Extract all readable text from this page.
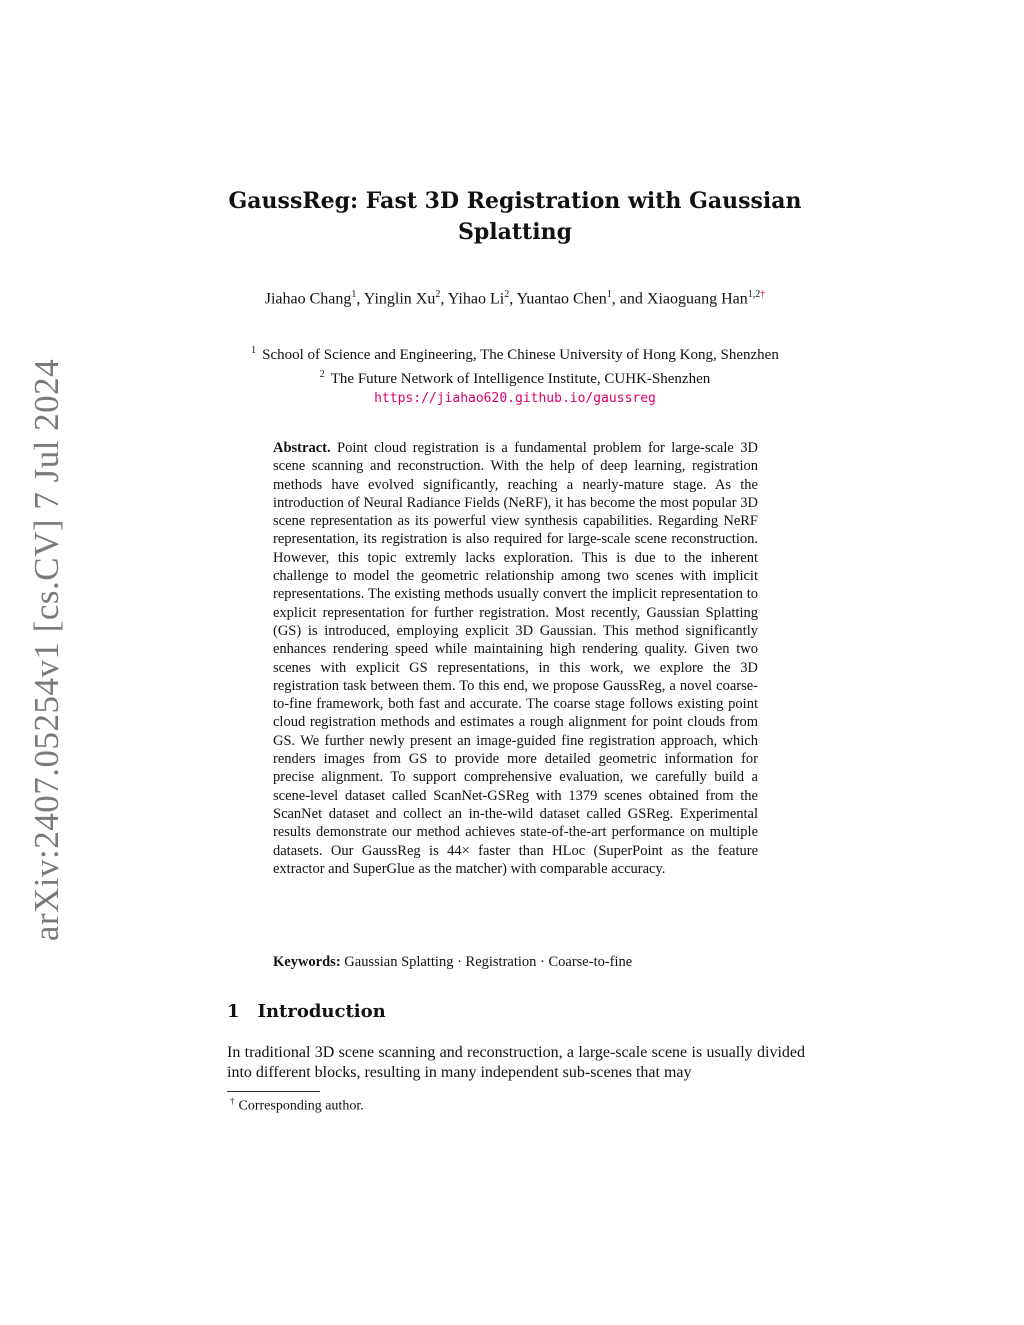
arXiv:2407.05254v1 [cs.CV] 7 Jul 2024
GaussReg: Fast 3D Registration with Gaussian Splatting
Jiahao Chang$^1$, Yinglin Xu$^2$, Yihao Li$^2$, Yuantao Chen$^1$, and Xiaoguang Han$^{1,2\dagger}$
$^1$ School of Science and Engineering, The Chinese University of Hong Kong, Shenzhen
$^2$ The Future Network of Intelligence Institute, CUHK-Shenzhen
https://jiahao620.github.io/gaussreg
Abstract. Point cloud registration is a fundamental problem for large-scale 3D scene scanning and reconstruction. With the help of deep learning, registration methods have evolved significantly, reaching a nearly-mature stage. As the introduction of Neural Radiance Fields (NeRF), it has become the most popular 3D scene representation as its powerful view synthesis capabilities. Regarding NeRF representation, its registration is also required for large-scale scene reconstruction. However, this topic extremly lacks exploration. This is due to the inherent challenge to model the geometric relationship among two scenes with implicit representations. The existing methods usually convert the implicit representation to explicit representation for further registration. Most recently, Gaussian Splatting (GS) is introduced, employing explicit 3D Gaussian. This method significantly enhances rendering speed while maintaining high rendering quality. Given two scenes with explicit GS representations, in this work, we explore the 3D registration task between them. To this end, we propose GaussReg, a novel coarse-to-fine framework, both fast and accurate. The coarse stage follows existing point cloud registration methods and estimates a rough alignment for point clouds from GS. We further newly present an image-guided fine registration approach, which renders images from GS to provide more detailed geometric information for precise alignment. To support comprehensive evaluation, we carefully build a scene-level dataset called ScanNet-GSReg with 1379 scenes obtained from the ScanNet dataset and collect an in-the-wild dataset called GSReg. Experimental results demonstrate our method achieves state-of-the-art performance on multiple datasets. Our GaussReg is 44× faster than HLoc (SuperPoint as the feature extractor and SuperGlue as the matcher) with comparable accuracy.
Keywords: Gaussian Splatting · Registration · Coarse-to-fine
1 Introduction
In traditional 3D scene scanning and reconstruction, a large-scale scene is usually divided into different blocks, resulting in many independent sub-scenes that may
† Corresponding author.
